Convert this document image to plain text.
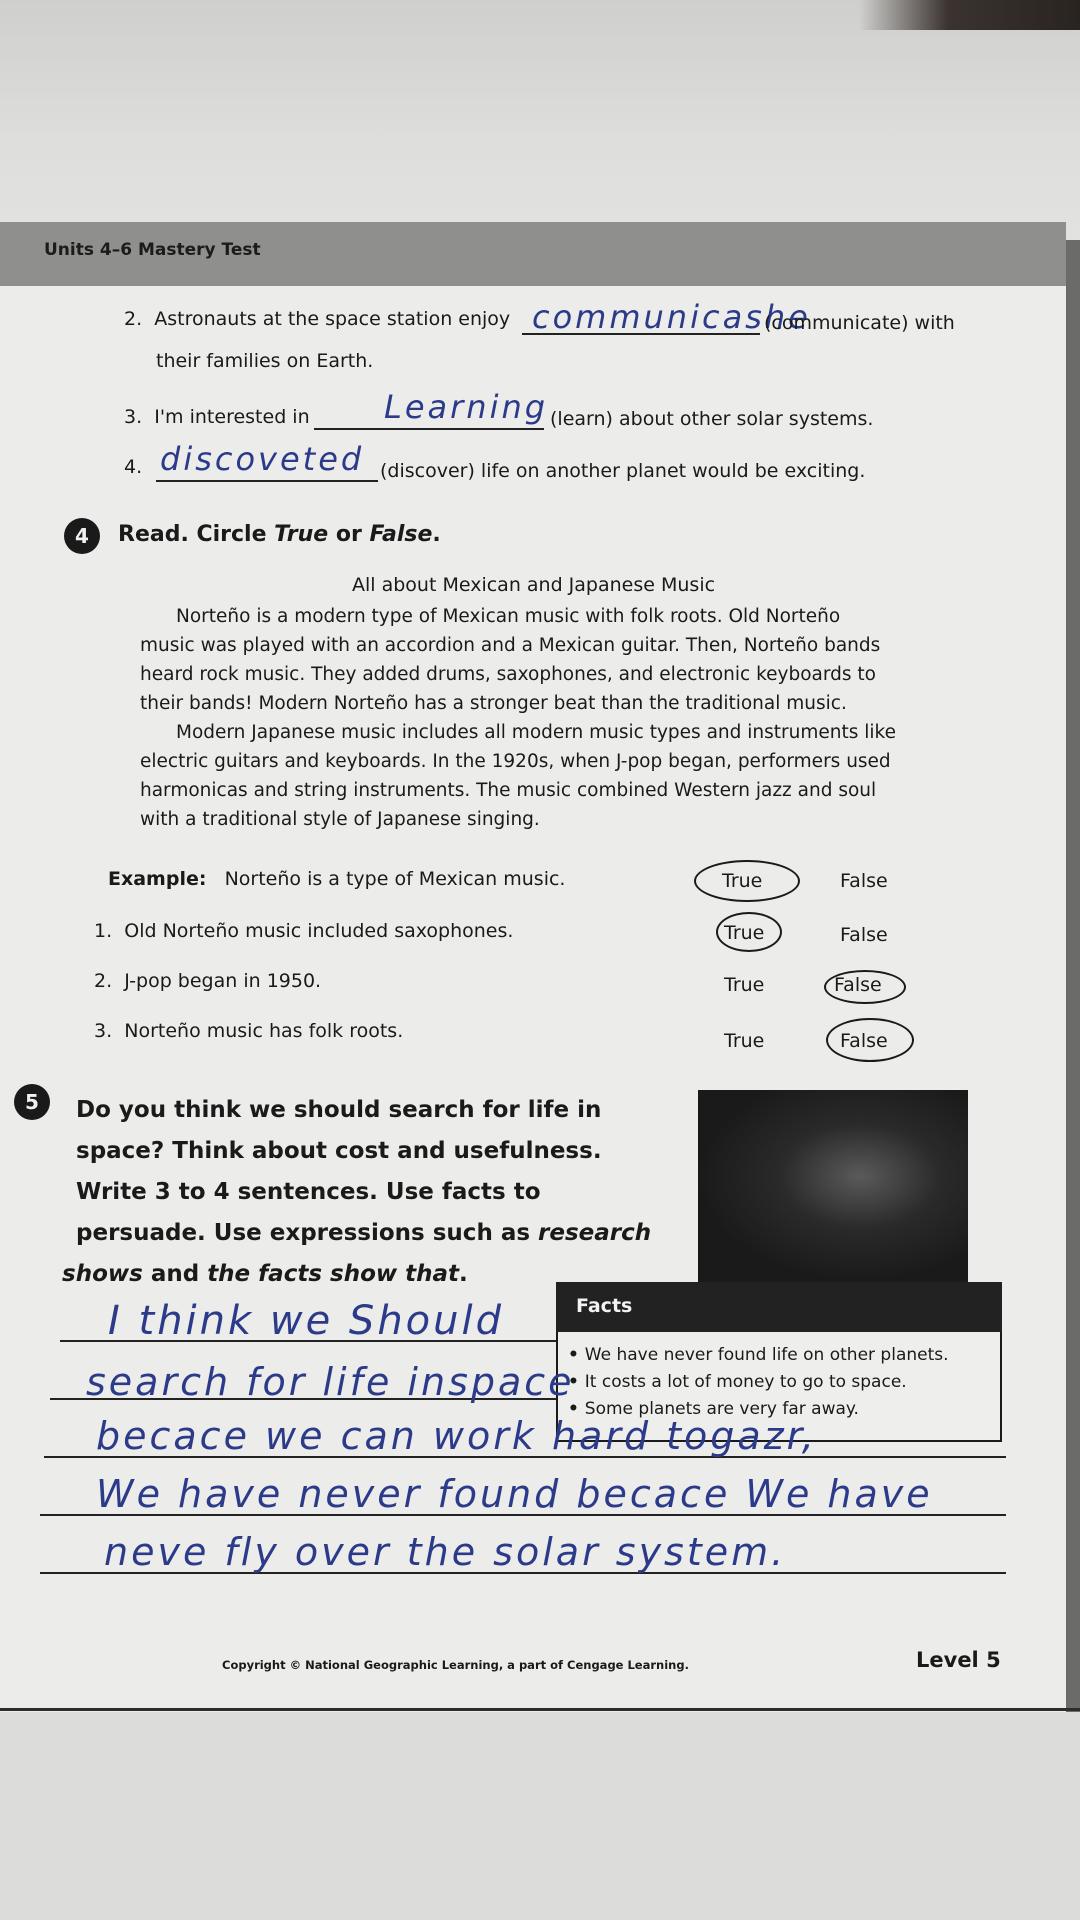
Units 4–6 Mastery Test
2. Astronauts at the space station enjoy communicashe
(communicate) with
their families on Earth.
3. I'm interested in Learning (learn) about other solar systems.
4. discoveted (discover) life on another planet would be exciting.
4	Read. Circle True or False.
All about Mexican and Japanese Music

Norteño is a modern type of Mexican music with folk roots. Old Norteño

music was played with an accordion and a Mexican guitar. Then, Norteño bands

heard rock music. They added drums, saxophones, and electronic keyboards to

their bands! Modern Norteño has a stronger beat than the traditional music.

Modern Japanese music includes all modern music types and instruments like

electric guitars and keyboards. In the 1920s, when J-pop began, performers used

harmonicas and string instruments. The music combined Western jazz and soul

with a traditional style of Japanese singing.

Example: Norteño is a type of Mexican music.	True	False
1. Old Norteño music included saxophones.	True	False
2. J-pop began in 1950.	True	False
3. Norteño music has folk roots.	True	False
5	Do you think we should search for life in

space? Think about cost and usefulness.

Write 3 to 4 sentences. Use facts to

persuade. Use expressions such as research

shows and the facts show that.

Facts
• We have never found life on other planets.
• It costs a lot of money to go to space.
• Some planets are very far away.
I think we Should
search for life inspace
becace we can work hard togazr,
We have never found becace We have
neve fly over the solar system.
Copyright © National Geographic Learning, a part of Cengage Learning.	Level 5
